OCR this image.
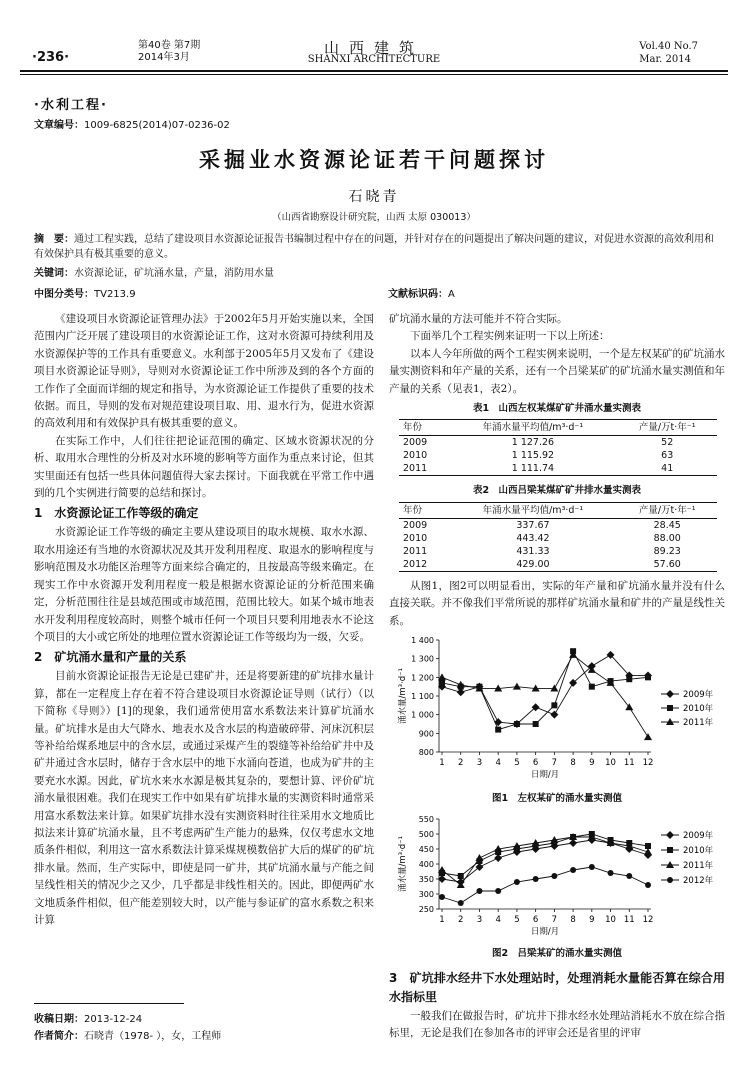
·236·
第40卷 第7期
2014年3月
山西建筑
SHANXI ARCHITECTURE
Vol.40 No.7
Mar. 2014
·水利工程·
文章编号：1009-6825(2014)07-0236-02
采掘业水资源论证若干问题探讨
石晓青
（山西省勘察设计研究院，山西 太原 030013）
摘　要：通过工程实践，总结了建设项目水资源论证报告书编制过程中存在的问题，并针对存在的问题提出了解决问题的建议，对促进水资源的高效利用和有效保护具有极其重要的意义。
关键词：水资源论证，矿坑涌水量，产量，消防用水量
中图分类号：TV213.9	文献标识码：A

《建设项目水资源论证管理办法》于2002年5月开始实施以来，全国范围内广泛开展了建设项目的水资源论证工作，这对水资源可持续利用及水资源保护等的工作具有重要意义。水利部于2005年5月又发布了《建设项目水资源论证导则》，导则对水资源论证工作中所涉及到的各个方面的工作作了全面而详细的规定和指导，为水资源论证工作提供了重要的技术依据。而且，导则的发布对规范建设项目取、用、退水行为，促进水资源的高效利用和有效保护具有极其重要的意义。

在实际工作中，人们往往把论证范围的确定、区域水资源状况的分析、取用水合理性的分析及对水环境的影响等方面作为重点来讨论，但其实里面还有包括一些具体问题值得大家去探讨。下面我就在平常工作中遇到的几个实例进行简要的总结和探讨。

1　水资源论证工作等级的确定

水资源论证工作等级的确定主要从建设项目的取水规模、取水水源、取水用途还有当地的水资源状况及其开发利用程度、取退水的影响程度与影响范围及水功能区治理等方面来综合确定的，且按最高等级来确定。在现实工作中水资源开发利用程度一般是根据水资源论证的分析范围来确定，分析范围往往是县域范围或市域范围，范围比较大。如某个城市地表水开发利用程度较高时，则整个城市任何一个项目只要利用地表水不论这个项目的大小或它所处的地理位置水资源论证工作等级均为一级，欠妥。

2　矿坑涌水量和产量的关系

目前水资源论证报告无论是已建矿井，还是将要新建的矿坑排水量计算，都在一定程度上存在着不符合建设项目水资源论证导则（试行）（以下简称《导则》）[1]的现象，我们通常使用富水系数法来计算矿坑涌水量。矿坑排水是由大气降水、地表水及含水层的构造破碎带、河床沉积层等补给给煤系地层中的含水层，或通过采煤产生的裂缝等补给给矿井中及矿井通过含水层时，储存于含水层中的地下水涌向苍道，也成为矿井的主要充水水源。因此，矿坑水来水水源是极其复杂的，要想计算、评价矿坑涌水量很困难。我们在现实工作中如果有矿坑排水量的实测资料时通常采用富水系数法来计算。如果矿坑排水没有实测资料时往往采用水文地质比拟法来计算矿坑涌水量，且不考虑两矿生产能力的悬殊，仅仅考虑水文地质条件相似，利用这一富水系数法计算采煤规模数倍扩大后的煤矿的矿坑排水量。然而，生产实际中，即使是同一矿井，其矿坑涌水量与产能之间呈线性相关的情况少之又少，几乎都是非线性相关的。因此，即便两矿水文地质条件相似，但产能差别较大时，以产能与参证矿的富水系数之积来计算

矿坑涌水量的方法可能并不符合实际。

下面举几个工程实例来证明一下以上所述：

以本人今年所做的两个工程实例来说明，一个是左权某矿的矿坑涌水量实测资料和年产量的关系，还有一个吕梁某矿的矿坑涌水量实测值和年产量的关系（见表1，表2）。

表1　山西左权某煤矿矿井涌水量实测表
年份	年涌水量平均值/m³·d⁻¹	产量/万t·年⁻¹
2009	1 127.26	52
2010	1 115.92	63
2011	1 111.74	41
表2　山西吕梁某煤矿矿井排水量实测表
年份	年涌水量平均值/m³·d⁻¹	产量/万t·年⁻¹
2009	337.67	28.45
2010	443.42	88.00
2011	431.33	89.23
2012	429.00	57.60

从图1，图2可以明显看出，实际的年产量和矿坑涌水量并没有什么直接关联。并不像我们平常所说的那样矿坑涌水量和矿井的产量是线性关系。

800
900
1 000
1 100
1 200
1 300
1 400
1 2 3 4 5 6 7 8 9 10 11 12
日期/月
涌水量/m³·d⁻¹	2009年
2010年
2011年
图1　左权某矿的涌水量实测值
250
300
350
400
450
500
550
1 2 3 4 5 6 7 8 9 10 11 12
日期/月
涌水量/m³·d⁻¹	2009年
2010年
2011年
2012年
图2　吕梁某矿的涌水量实测值
3　矿坑排水经井下水处理站时，处理消耗水量能否算在综合用水指标里

一般我们在做报告时，矿坑井下排水经水处理站消耗水不放在综合指标里，无论是我们在参加各市的评审会还是省里的评审

收稿日期：2013-12-24
作者简介：石晓青（1978- ），女，工程师
